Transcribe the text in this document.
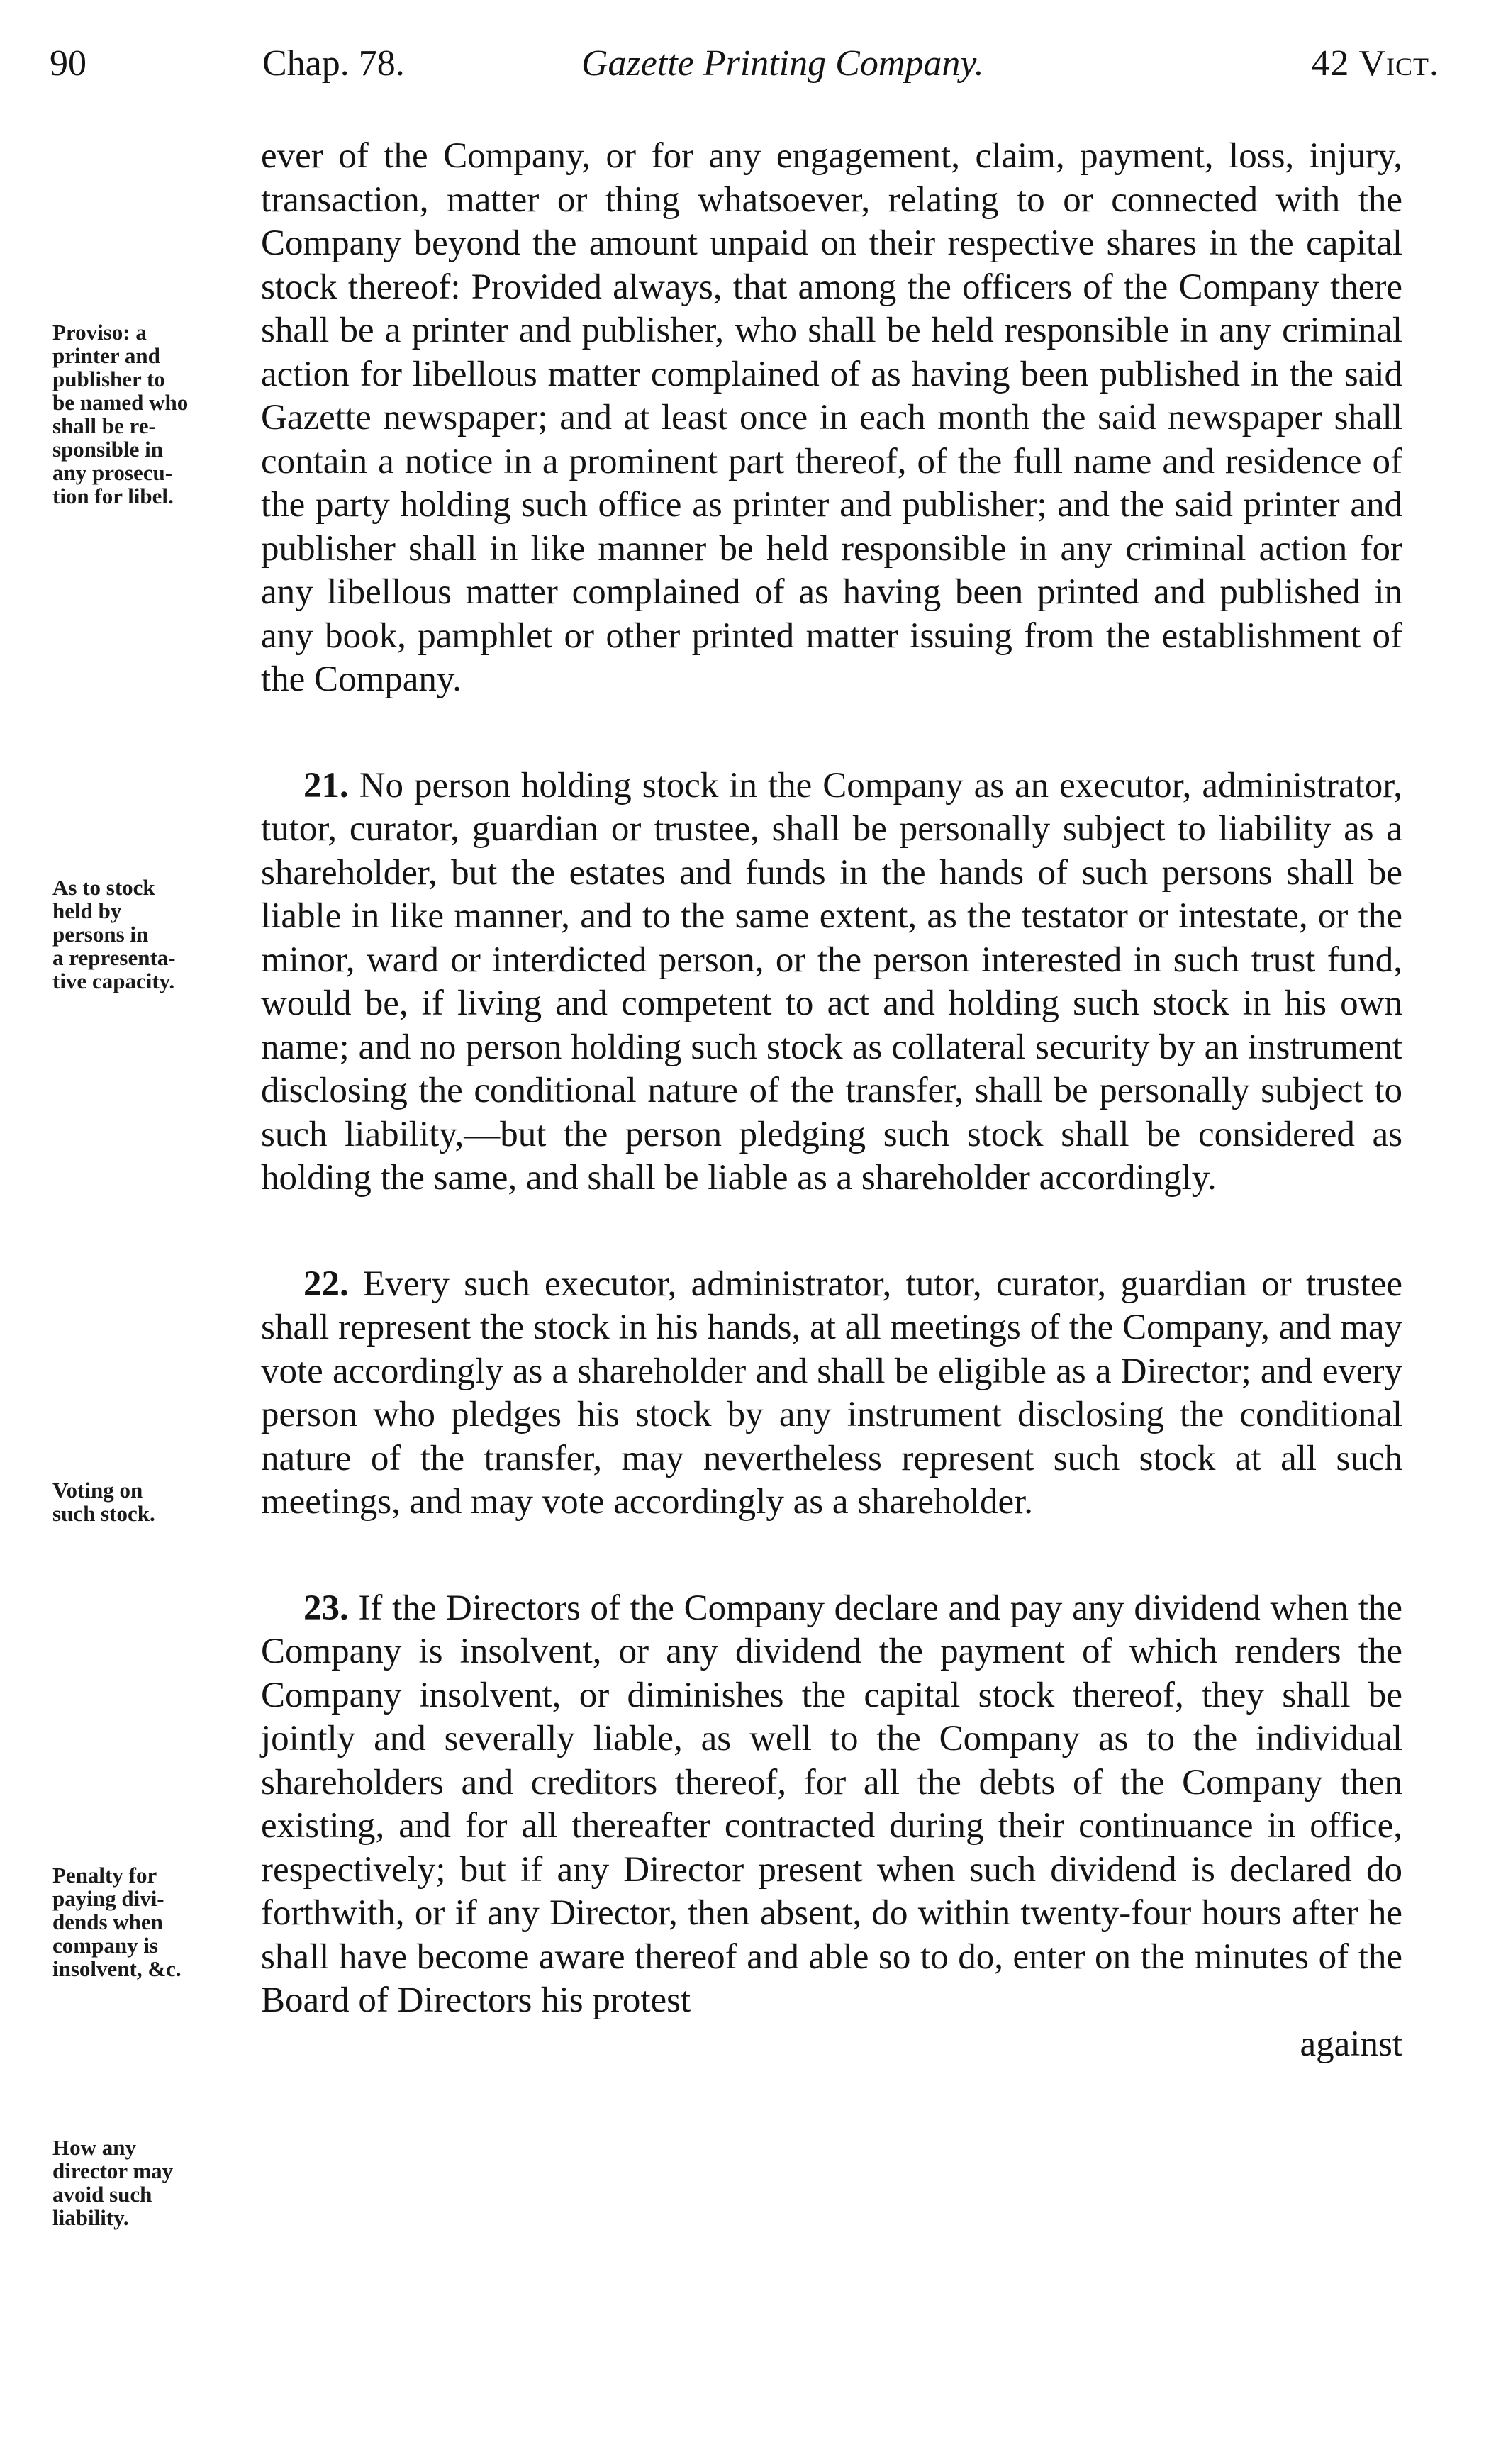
90	Chap. 78.	Gazette Printing Company.	42 Vict.
Proviso: a
printer and
publisher to
be named who
shall be re-
sponsible in
any prosecu-
tion for libel.
As to stock
held by
persons in
a representa-
tive capacity.
Voting on
such stock.
Penalty for
paying divi-
dends when
company is
insolvent, &c.
How any
director may
avoid such
liability.

ever of the Company, or for any engagement, claim, payment, loss, injury, transaction, matter or thing whatsoever, relating to or connected with the Company beyond the amount unpaid on their respective shares in the capital stock thereof: Provided always, that among the officers of the Company there shall be a printer and publisher, who shall be held responsible in any criminal action for libellous matter complained of as having been published in the said Gazette newspaper; and at least once in each month the said newspaper shall contain a notice in a prominent part thereof, of the full name and residence of the party holding such office as printer and publisher; and the said printer and publisher shall in like manner be held responsible in any criminal action for any libellous matter complained of as having been printed and published in any book, pamphlet or other printed matter issuing from the establishment of the Company.

21. No person holding stock in the Company as an executor, administrator, tutor, curator, guardian or trustee, shall be personally subject to liability as a shareholder, but the estates and funds in the hands of such persons shall be liable in like manner, and to the same extent, as the testator or intestate, or the minor, ward or interdicted person, or the person interested in such trust fund, would be, if living and competent to act and holding such stock in his own name; and no person holding such stock as collateral security by an instrument disclosing the conditional nature of the transfer, shall be personally subject to such liability,—but the person pledging such stock shall be considered as holding the same, and shall be liable as a shareholder accordingly.

22. Every such executor, administrator, tutor, curator, guardian or trustee shall represent the stock in his hands, at all meetings of the Company, and may vote accordingly as a shareholder and shall be eligible as a Director; and every person who pledges his stock by any instrument disclosing the conditional nature of the transfer, may nevertheless represent such stock at all such meetings, and may vote accordingly as a shareholder.

23. If the Directors of the Company declare and pay any dividend when the Company is insolvent, or any dividend the payment of which renders the Company insolvent, or diminishes the capital stock thereof, they shall be jointly and severally liable, as well to the Company as to the individual shareholders and creditors thereof, for all the debts of the Company then existing, and for all thereafter contracted during their continuance in office, respectively; but if any Director present when such dividend is declared do forthwith, or if any Director, then absent, do within twenty-four hours after he shall have become aware thereof and able so to do, enter on the minutes of the Board of Directors his protest

against
